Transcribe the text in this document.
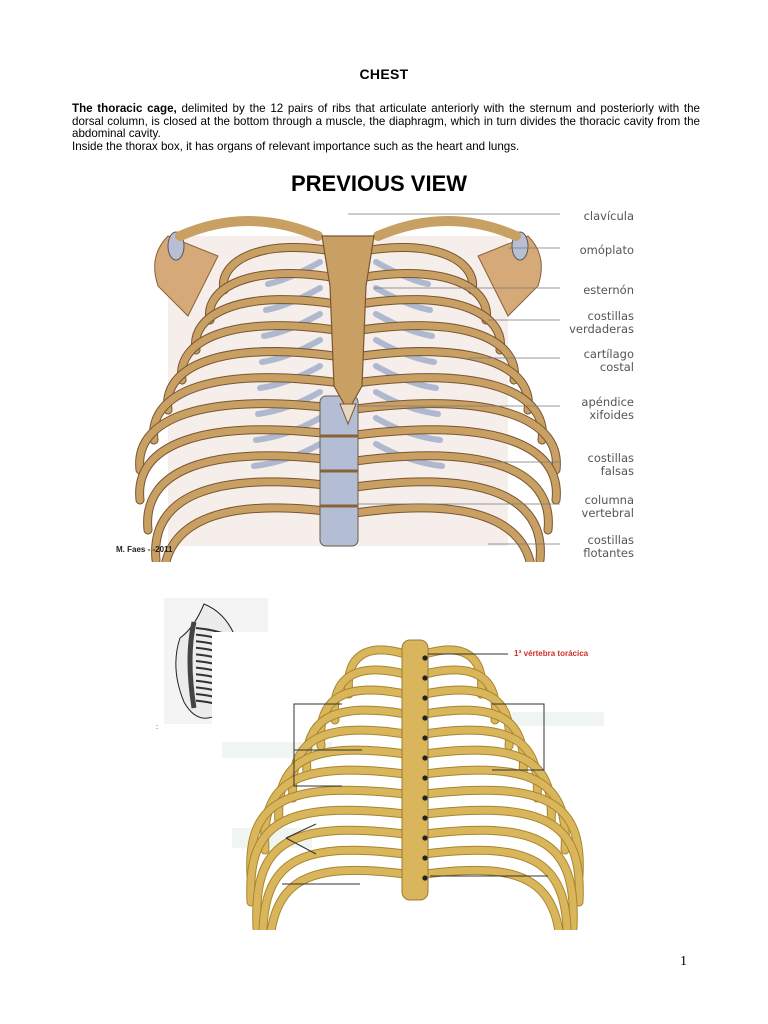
CHEST

The thoracic cage, delimited by the 12 pairs of ribs that articulate anteriorly with the sternum and posteriorly with the dorsal column, is closed at the bottom through a muscle, the diaphragm, which in turn divides the thoracic cavity from the abdominal cavity.

Inside the thorax box, it has organs of relevant importance such as the heart and lungs.

PREVIOUS VIEW
M. Faes - -2011
clavícula
omóplato
esternón
costillas
verdaderas
cartílago
costal
apéndice
xifoides
costillas
falsas
columna
vertebral
costillas
flotantes
:
1ª vértebra torácica
1
